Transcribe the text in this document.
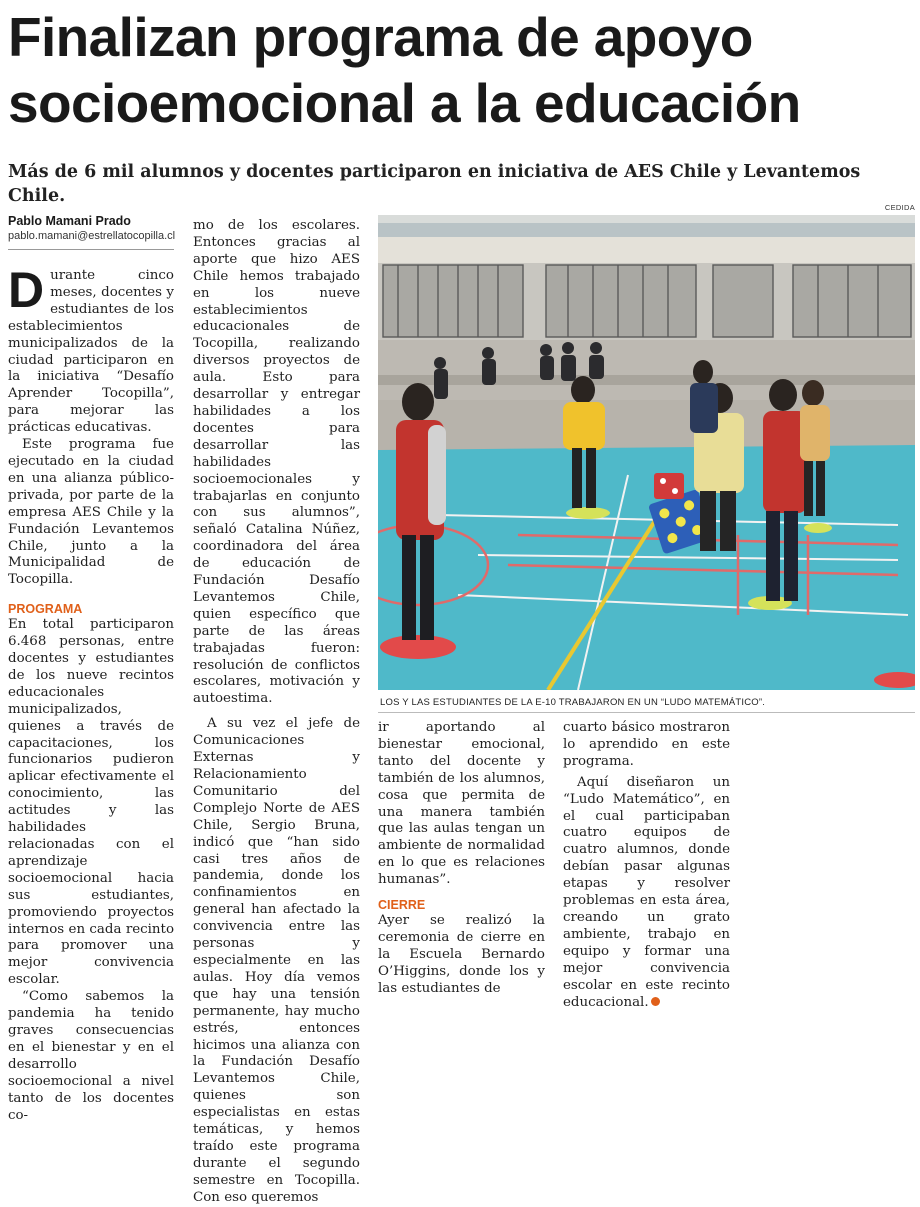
Finalizan programa de apoyo socioemocional a la educación

Más de 6 mil alumnos y docentes participaron en iniciativa de AES Chile y Levantemos Chile.

Pablo Mamani Prado
pablo.mamani@estrellatocopilla.cl

Durante cinco meses, docentes y estudiantes de los establecimientos municipalizados de la ciudad participaron en la iniciativa “Desafío Aprender Tocopilla”, para mejorar las prácticas educativas.

Este programa fue ejecutado en la ciudad en una alianza público-privada, por parte de la empresa AES Chile y la Fundación Levantemos Chile, junto a la Municipalidad de Tocopilla.

PROGRAMA

En total participaron 6.468 personas, entre docentes y estudiantes de los nueve recintos educacionales municipalizados, quienes a través de capacitaciones, los funcionarios pudieron aplicar efectivamente el conocimiento, las actitudes y las habilidades relacionadas con el aprendizaje socioemocional hacia sus estudiantes, promoviendo proyectos internos en cada recinto para promover una mejor convivencia escolar.

“Como sabemos la pandemia ha tenido graves consecuencias en el bienestar y en el desarrollo socioemocional a nivel tanto de los docentes co-

mo de los escolares. Entonces gracias al aporte que hizo AES Chile hemos trabajado en los nueve establecimientos educacionales de Tocopilla, realizando diversos proyectos de aula. Esto para desarrollar y entregar habilidades a los docentes para desarrollar las habilidades socioemocionales y trabajarlas en conjunto con sus alumnos”, señaló Catalina Núñez, coordinadora del área de educación de Fundación Desafío Levantemos Chile, quien específico que parte de las áreas trabajadas fueron: resolución de conflictos escolares, motivación y autoestima.

A su vez el jefe de Comunicaciones Externas y Relacionamiento Comunitario del Complejo Norte de AES Chile, Sergio Bruna, indicó que “han sido casi tres años de pandemia, donde los confinamientos en general han afectado la convivencia entre las personas y especialmente en las aulas. Hoy día vemos que hay una tensión permanente, hay mucho estrés, entonces hicimos una alianza con la Fundación Desafío Levantemos Chile, quienes son especialistas en estas temáticas, y hemos traído este programa durante el segundo semestre en Tocopilla. Con eso queremos

CEDIDA
LOS Y LAS ESTUDIANTES DE LA E-10 TRABAJARON EN UN “LUDO MATEMÁTICO”.

ir aportando al bienestar emocional, tanto del docente y también de los alumnos, cosa que permita de una manera también que las aulas tengan un ambiente de normalidad en lo que es relaciones humanas”.

CIERRE

Ayer se realizó la ceremonia de cierre en la Escuela Bernardo O’Higgins, donde los y las estudiantes de

cuarto básico mostraron lo aprendido en este programa.

Aquí diseñaron un “Ludo Matemático”, en el cual participaban cuatro equipos de cuatro alumnos, donde debían pasar algunas etapas y resolver problemas en esta área, creando un grato ambiente, trabajo en equipo y formar una mejor convivencia escolar en este recinto educacional.
